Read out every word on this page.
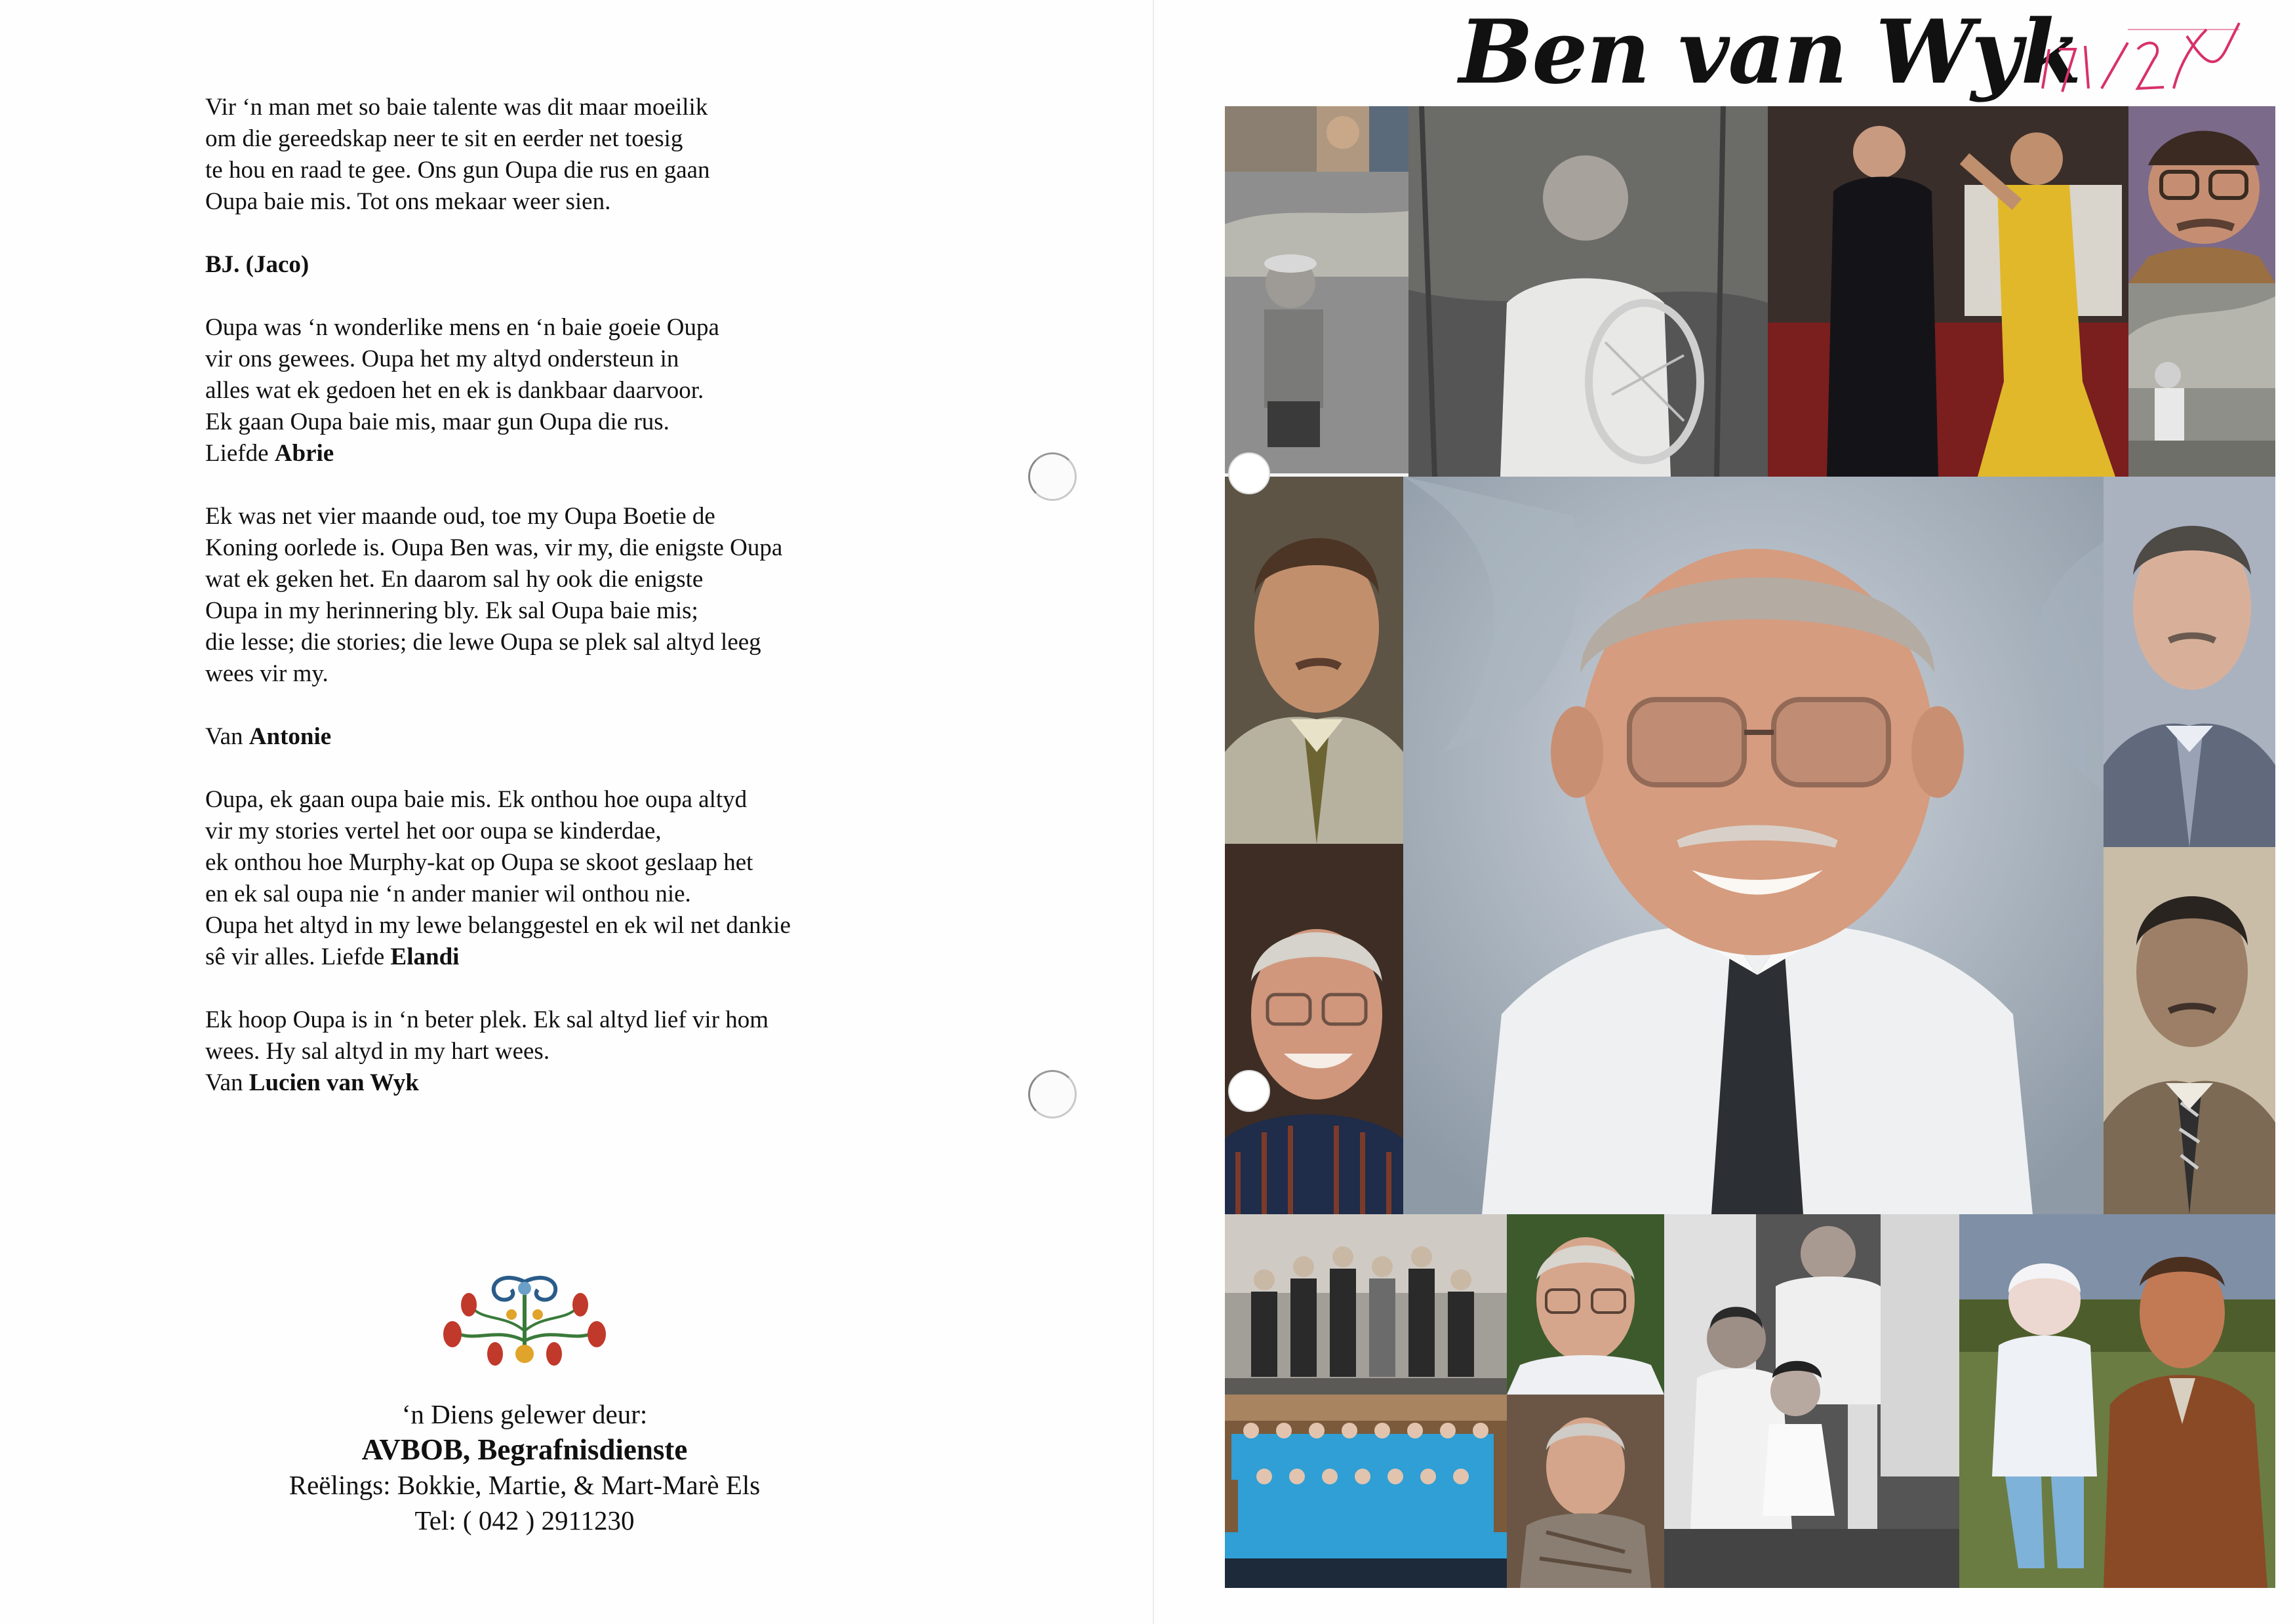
Vir ‘n man met so baie talente was dit maar moeilik
om die gereedskap neer te sit en eerder net toesig
te hou en raad te gee. Ons gun Oupa die rus en gaan
Oupa baie mis. Tot ons mekaar weer sien.
BJ. (Jaco)
Oupa was ‘n wonderlike mens en ‘n baie goeie Oupa
vir ons gewees. Oupa het my altyd ondersteun in
alles wat ek gedoen het en ek is dankbaar daarvoor.
Ek gaan Oupa baie mis, maar gun Oupa die rus.
Liefde Abrie
Ek was net vier maande oud, toe my Oupa Boetie de
Koning oorlede is. Oupa Ben was, vir my, die enigste Oupa
wat ek geken het. En daarom sal hy ook die enigste
Oupa in my herinnering bly. Ek sal Oupa baie mis;
die lesse; die stories; die lewe Oupa se plek sal altyd leeg
wees vir my.
Van Antonie
Oupa, ek gaan oupa baie mis. Ek onthou hoe oupa altyd
vir my stories vertel het oor oupa se kinderdae,
ek onthou hoe Murphy-kat op Oupa se skoot geslaap het
en ek sal oupa nie ‘n ander manier wil onthou nie.
Oupa het altyd in my lewe belanggestel en ek wil net dankie
sê vir alles. Liefde Elandi
Ek hoop Oupa is in ‘n beter plek. Ek sal altyd lief vir hom
wees. Hy sal altyd in my hart wees.
Van Lucien van Wyk
‘n Diens gelewer deur:
AVBOB, Begrafnisdienste
Reëlings: Bokkie, Martie, & Mart-Marè Els
Tel: ( 042 ) 2911230
Ben van Wyk
